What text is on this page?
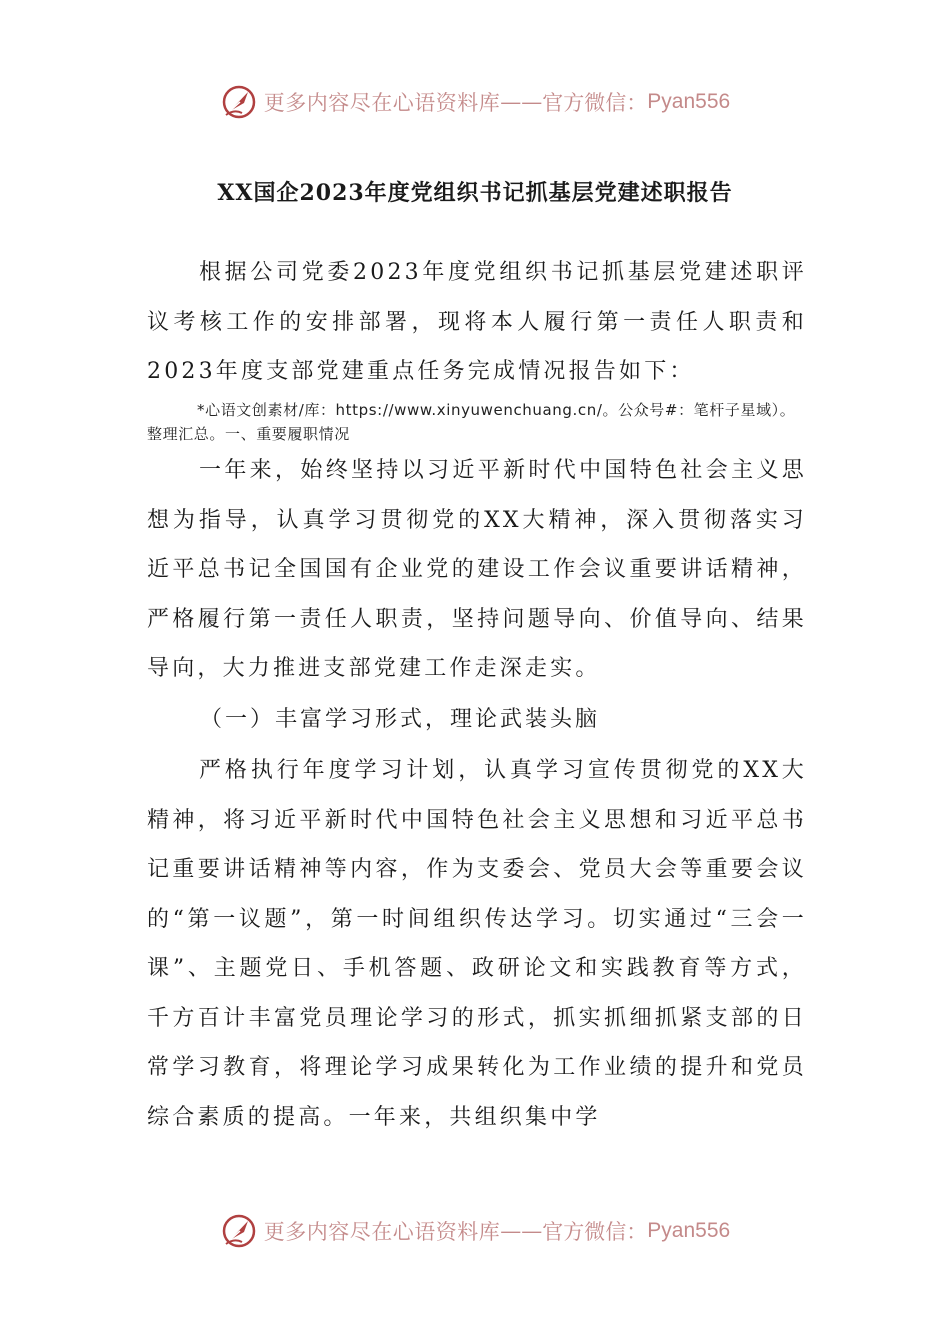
更多内容尽在心语资料库 —— 官方微信： Pyan556
XX国企2023年度党组织书记抓基层党建述职报告
根据公司党委2023年度党组织书记抓基层党建述职评议考核工作的安排部署，现将本人履行第一责任人职责和2023年度支部党建重点任务完成情况报告如下：
*心语文创素材/库：https://www.xinyuwenchuang.cn/。公众号#：笔杆子星域）。整理汇总。一、重要履职情况
一年来，始终坚持以习近平新时代中国特色社会主义思想为指导，认真学习贯彻党的XX大精神，深入贯彻落实习近平总书记全国国有企业党的建设工作会议重要讲话精神，严格履行第一责任人职责，坚持问题导向、价值导向、结果导向，大力推进支部党建工作走深走实。
（一）丰富学习形式，理论武装头脑
严格执行年度学习计划，认真学习宣传贯彻党的XX大精神，将习近平新时代中国特色社会主义思想和习近平总书记重要讲话精神等内容，作为支委会、党员大会等重要会议的“第一议题”，第一时间组织传达学习。切实通过“三会一课”、主题党日、手机答题、政研论文和实践教育等方式，千方百计丰富党员理论学习的形式，抓实抓细抓紧支部的日常学习教育，将理论学习成果转化为工作业绩的提升和党员综合素质的提高。一年来，共组织集中学
更多内容尽在心语资料库 —— 官方微信： Pyan556
